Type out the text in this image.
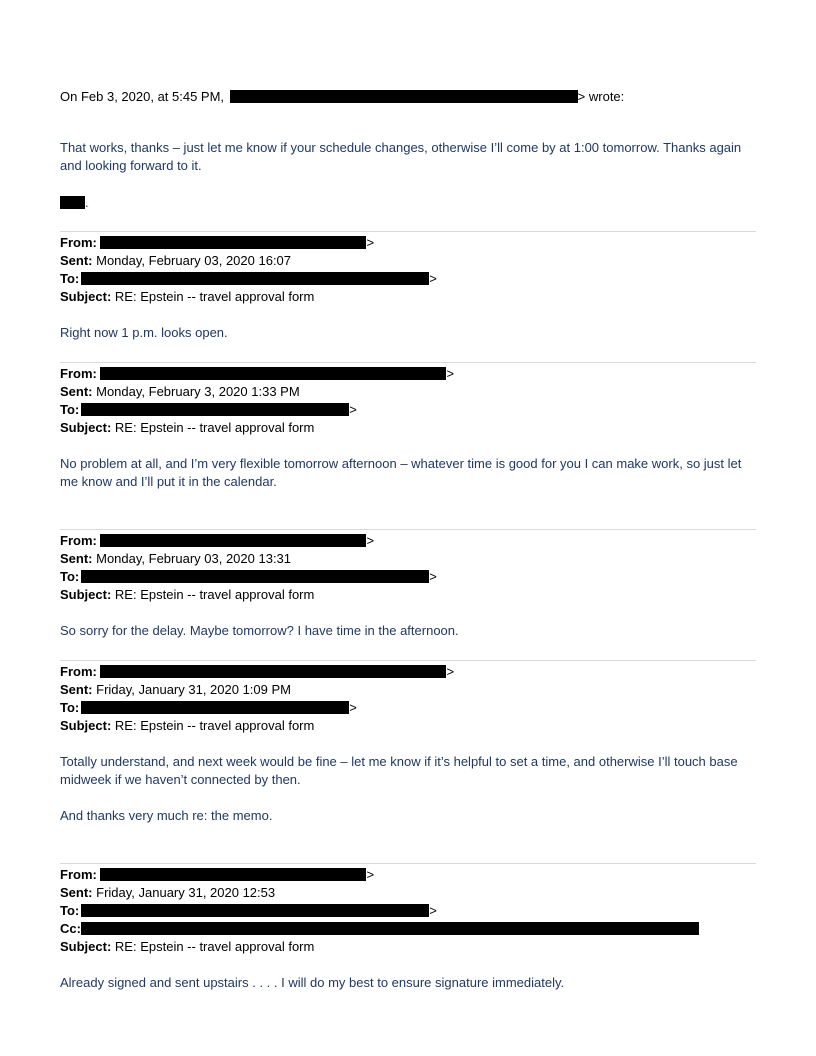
On Feb 3, 2020, at 5:45 PM,	> wrote:
That works, thanks – just let me know if your schedule changes, otherwise I’ll come by at 1:00 tomorrow. Thanks again and looking forward to it.
.
From:	>
Sent: Monday, February 03, 2020 16:07
To:	>
Subject: RE: Epstein -- travel approval form
Right now 1 p.m. looks open.
From:	>
Sent: Monday, February 3, 2020 1:33 PM
To:	>
Subject: RE: Epstein -- travel approval form
No problem at all, and I’m very flexible tomorrow afternoon – whatever time is good for you I can make work, so just let me know and I’ll put it in the calendar.
From:	>
Sent: Monday, February 03, 2020 13:31
To:	>
Subject: RE: Epstein -- travel approval form
So sorry for the delay. Maybe tomorrow? I have time in the afternoon.
From:	>
Sent: Friday, January 31, 2020 1:09 PM
To:	>
Subject: RE: Epstein -- travel approval form
Totally understand, and next week would be fine – let me know if it’s helpful to set a time, and otherwise I’ll touch base midweek if we haven’t connected by then.
And thanks very much re: the memo.
From:	>
Sent: Friday, January 31, 2020 12:53
To:	>
Cc:
Subject: RE: Epstein -- travel approval form
Already signed and sent upstairs . . . . I will do my best to ensure signature immediately.
